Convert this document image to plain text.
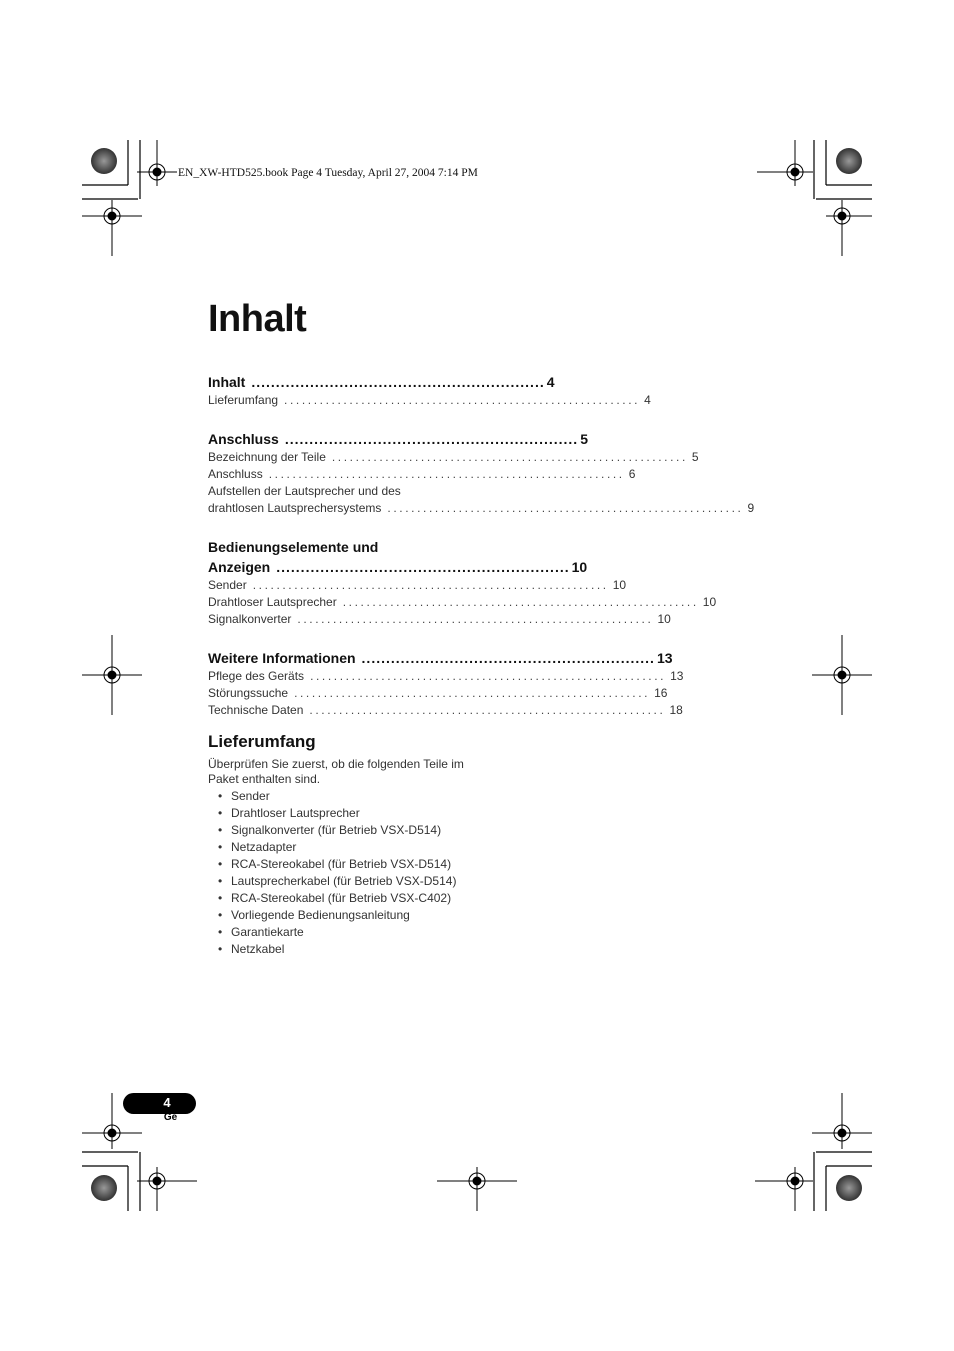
EN_XW-HTD525.book Page 4 Tuesday, April 27, 2004 7:14 PM
Inhalt
Inhalt ............................................................ 4
Lieferumfang ............................................................ 4
Anschluss ............................................................ 5
Bezeichnung der Teile ............................................................ 5
Anschluss ............................................................ 6
Aufstellen der Lautsprecher und des
drahtlosen Lautsprechersystems ............................................................ 9
Bedienungselemente und
Anzeigen ............................................................ 10
Sender ............................................................ 10
Drahtloser Lautsprecher ............................................................ 10
Signalkonverter ............................................................ 10
Weitere Informationen ............................................................ 13
Pflege des Geräts ............................................................ 13
Störungssuche ............................................................ 16
Technische Daten ............................................................ 18
Lieferumfang

Überprüfen Sie zuerst, ob die folgenden Teile im Paket enthalten sind.

• Sender
• Drahtloser Lautsprecher
• Signalkonverter (für Betrieb VSX-D514)
• Netzadapter
• RCA-Stereokabel (für Betrieb VSX-D514)
• Lautsprecherkabel (für Betrieb VSX-D514)
• RCA-Stereokabel (für Betrieb VSX-C402)
• Vorliegende Bedienungsanleitung
• Garantiekarte
• Netzkabel
4
Ge
